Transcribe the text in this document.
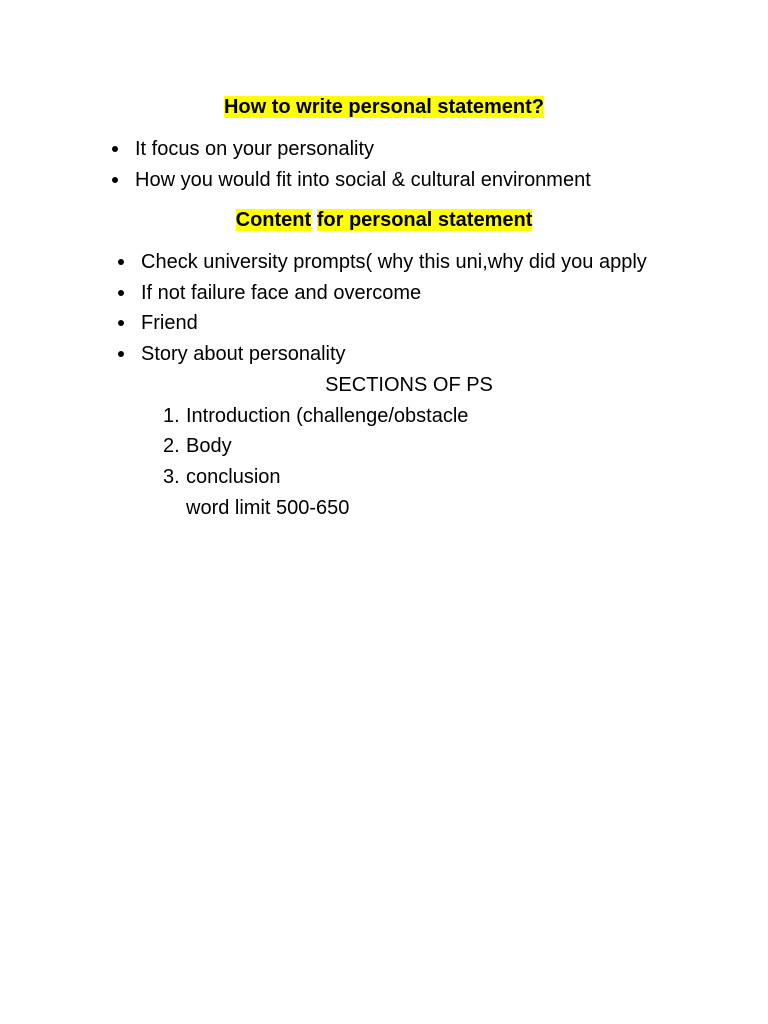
How to write personal statement?
It focus on your personality
How you would fit into social & cultural environment
Content for personal statement
Check university prompts( why this uni,why did you apply
If not failure face and overcome
Friend
Story about personality
SECTIONS OF PS
1. Introduction (challenge/obstacle
2. Body
3. conclusion
word limit 500-650
